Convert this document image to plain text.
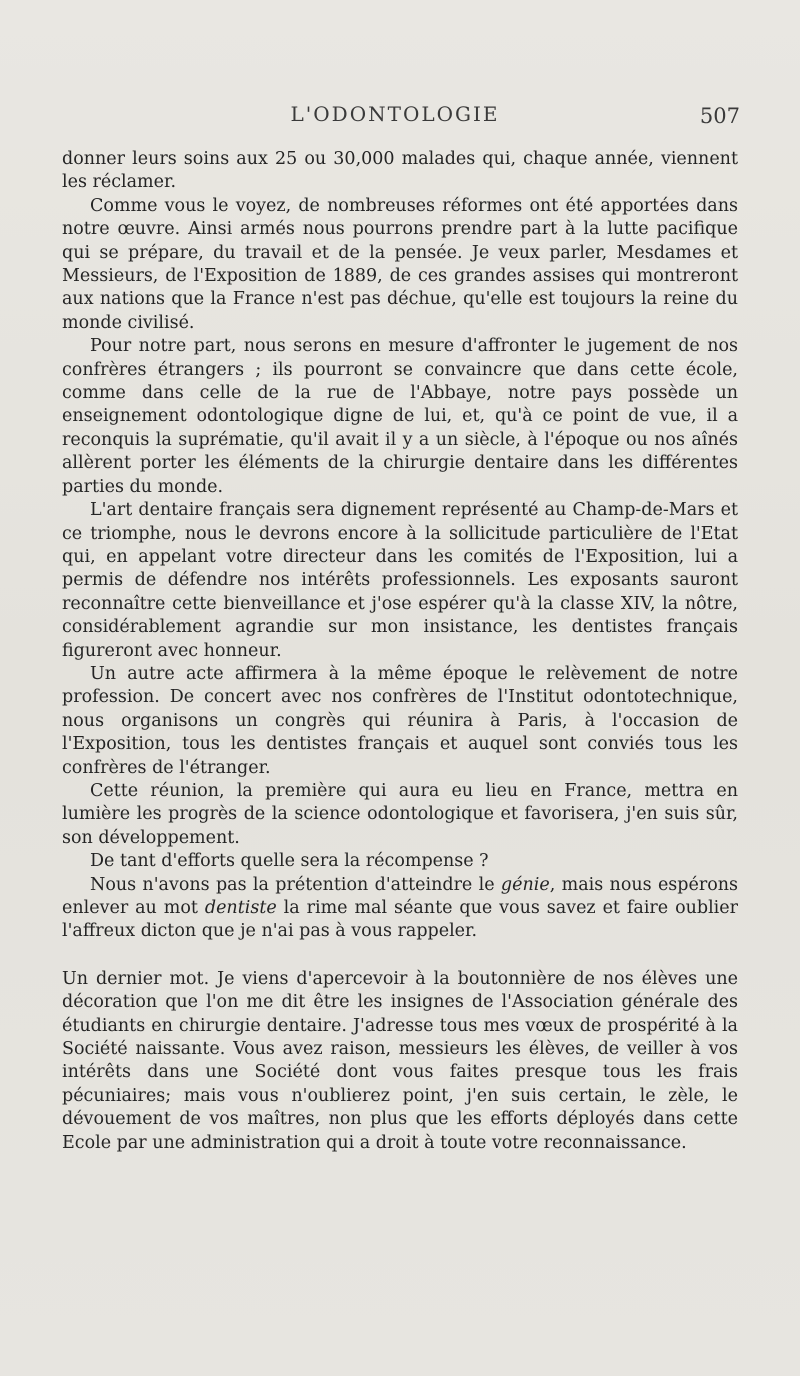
L'ODONTOLOGIE	507

donner leurs soins aux 25 ou 30,000 malades qui, chaque année, viennent les réclamer.

Comme vous le voyez, de nombreuses réformes ont été apportées dans notre œuvre. Ainsi armés nous pourrons prendre part à la lutte pacifique qui se prépare, du travail et de la pensée. Je veux parler, Mesdames et Messieurs, de l'Exposition de 1889, de ces grandes assises qui montreront aux nations que la France n'est pas déchue, qu'elle est toujours la reine du monde civilisé.

Pour notre part, nous serons en mesure d'affronter le jugement de nos confrères étrangers ; ils pourront se convaincre que dans cette école, comme dans celle de la rue de l'Abbaye, notre pays possède un enseignement odontologique digne de lui, et, qu'à ce point de vue, il a reconquis la suprématie, qu'il avait il y a un siècle, à l'époque ou nos aînés allèrent porter les éléments de la chirurgie dentaire dans les différentes parties du monde.

L'art dentaire français sera dignement représenté au Champ-de-Mars et ce triomphe, nous le devrons encore à la sollicitude particulière de l'Etat qui, en appelant votre directeur dans les comités de l'Exposition, lui a permis de défendre nos intérêts professionnels. Les exposants sauront reconnaître cette bienveillance et j'ose espérer qu'à la classe XIV, la nôtre, considérablement agrandie sur mon insistance, les dentistes français figureront avec honneur.

Un autre acte affirmera à la même époque le relèvement de notre profession. De concert avec nos confrères de l'Institut odontotechnique, nous organisons un congrès qui réunira à Paris, à l'occasion de l'Exposition, tous les dentistes français et auquel sont conviés tous les confrères de l'étranger.

Cette réunion, la première qui aura eu lieu en France, mettra en lumière les progrès de la science odontologique et favorisera, j'en suis sûr, son développement.

De tant d'efforts quelle sera la récompense ?

Nous n'avons pas la prétention d'atteindre le génie, mais nous espérons enlever au mot dentiste la rime mal séante que vous savez et faire oublier l'affreux dicton que je n'ai pas à vous rappeler.

Un dernier mot. Je viens d'apercevoir à la boutonnière de nos élèves une décoration que l'on me dit être les insignes de l'Association générale des étudiants en chirurgie dentaire. J'adresse tous mes vœux de prospérité à la Société naissante. Vous avez raison, messieurs les élèves, de veiller à vos intérêts dans une Société dont vous faites presque tous les frais pécuniaires; mais vous n'oublierez point, j'en suis certain, le zèle, le dévouement de vos maîtres, non plus que les efforts déployés dans cette Ecole par une administration qui a droit à toute votre reconnaissance.
